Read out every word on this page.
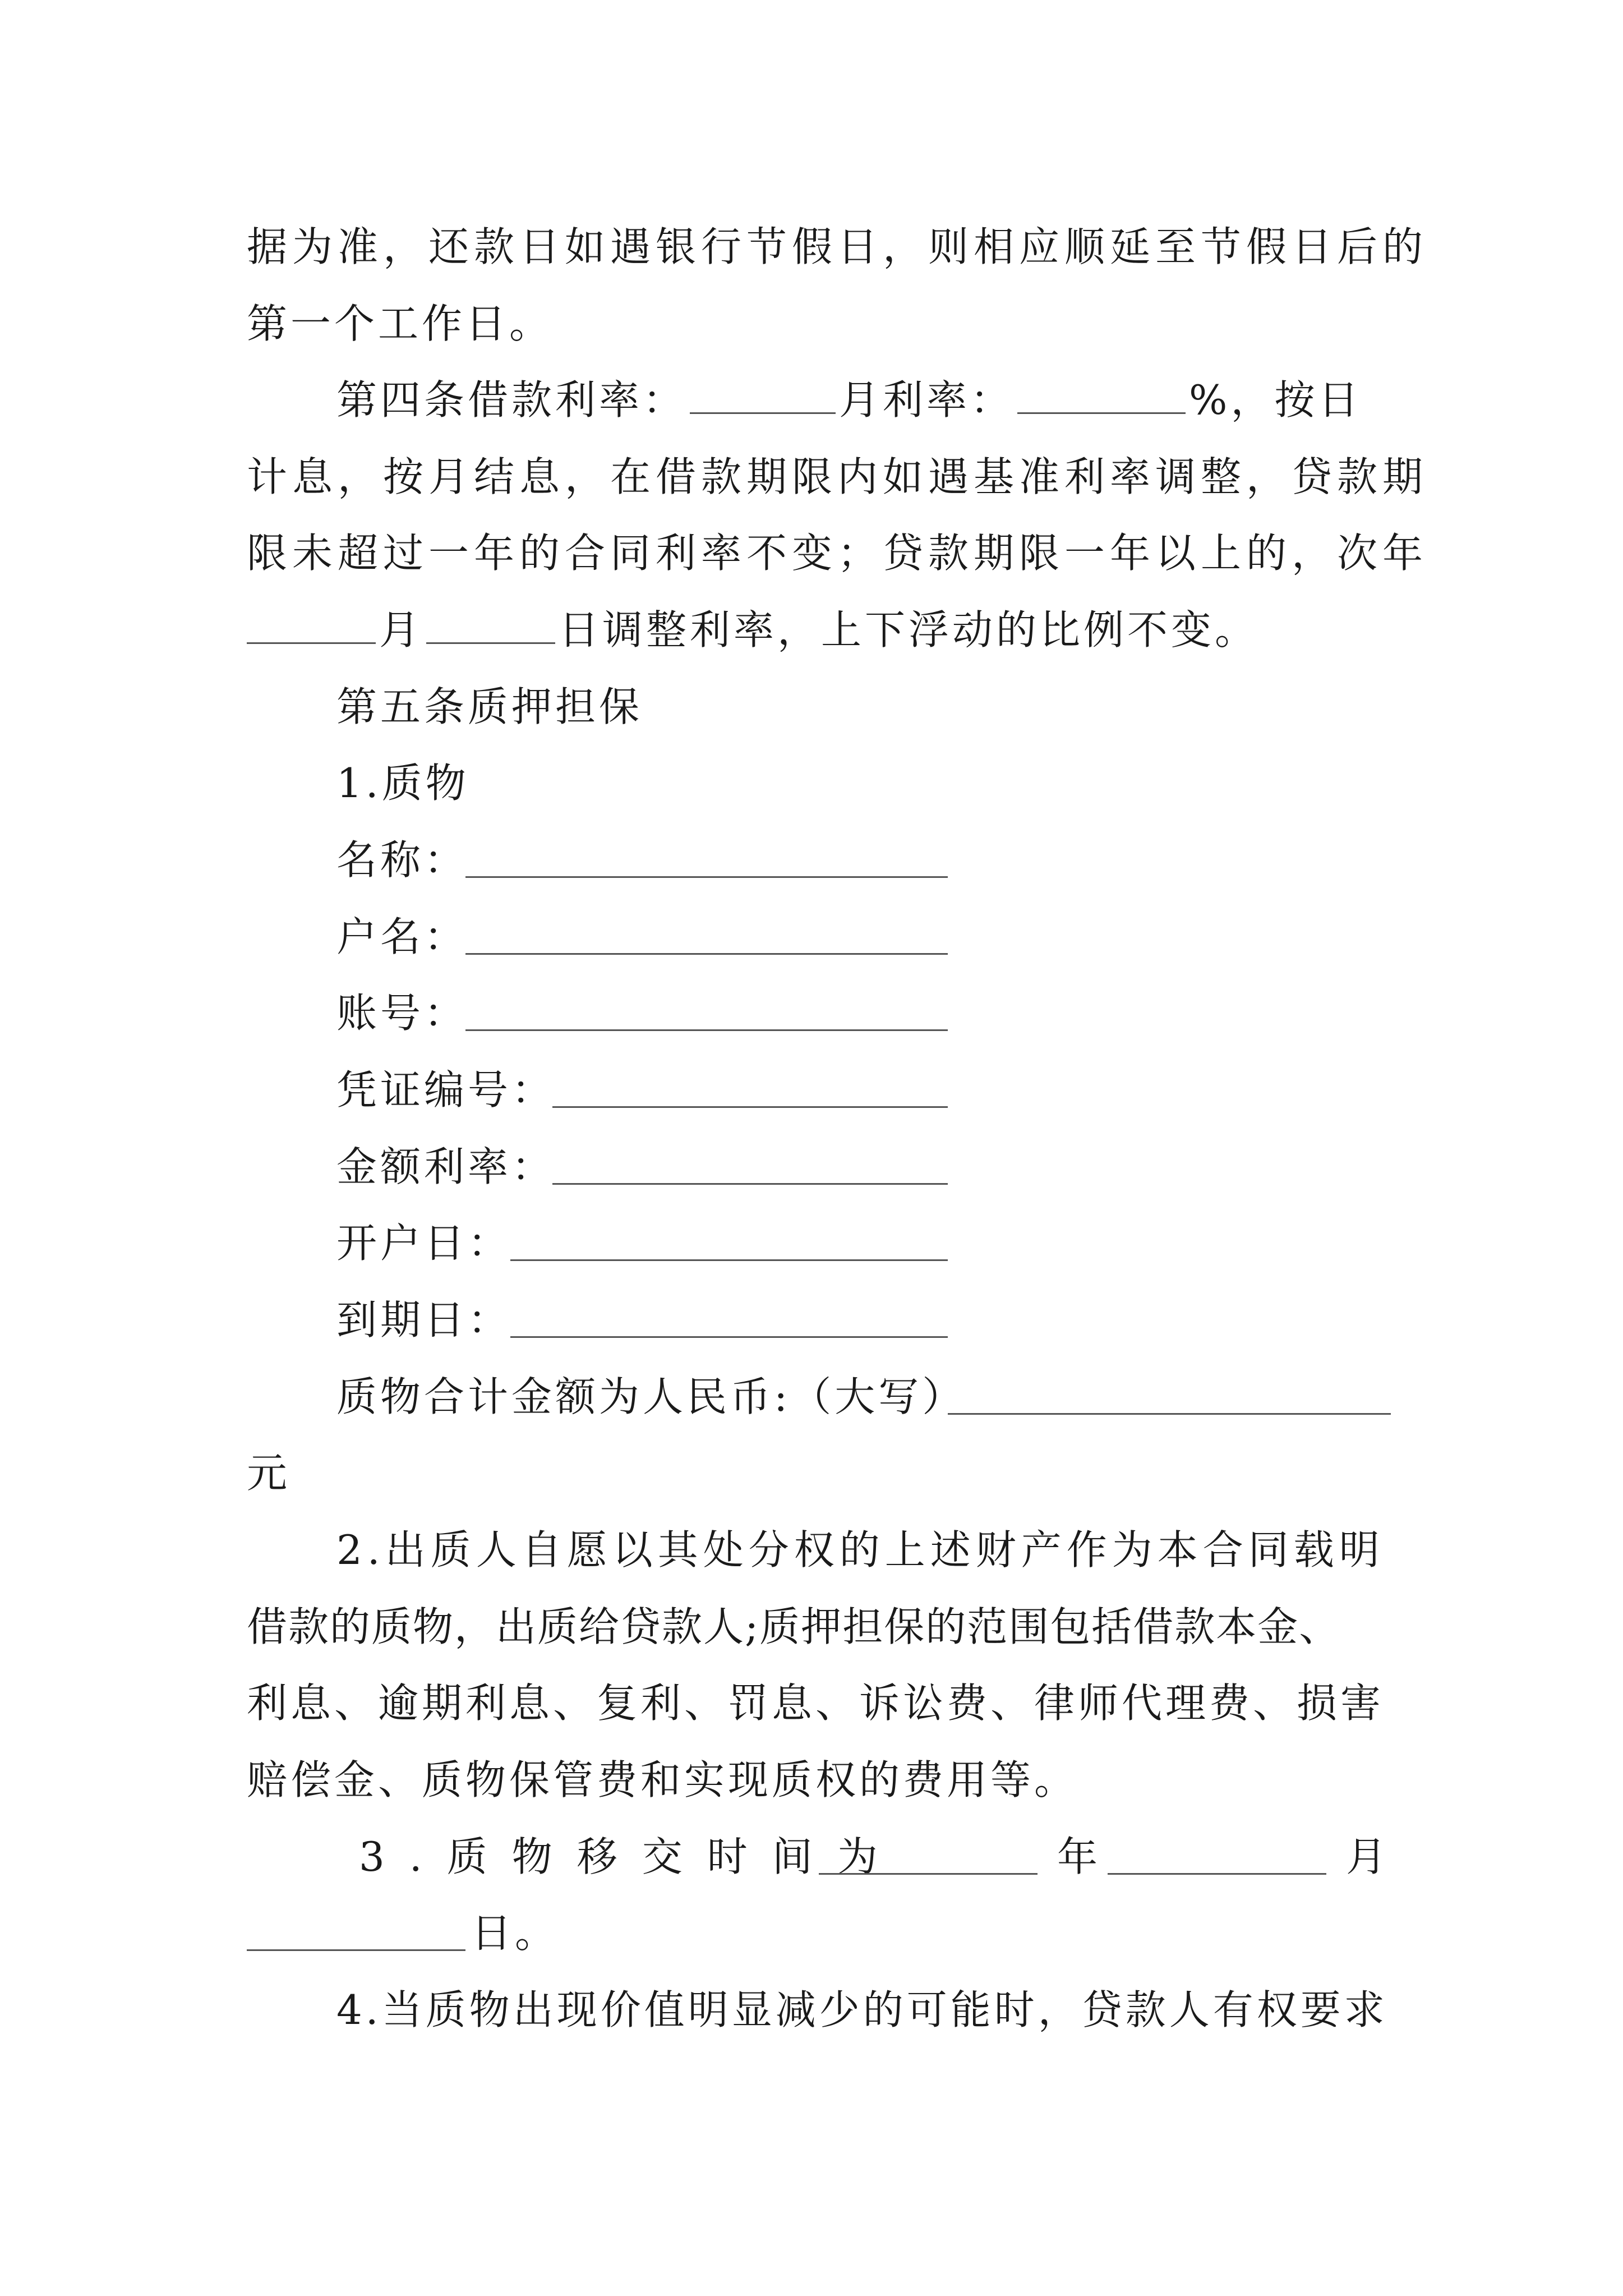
据为准，还款日如遇银行节假日，则相应顺延至节假日后的
第一个工作日。
第四条借款利率：	月利率：	%，按日
计息，按月结息，在借款期限内如遇基准利率调整，贷款期
限未超过一年的合同利率不变；贷款期限一年以上的，次年
月	日调整利率，上下浮动的比例不变。
第五条质押担保
1.质物
名称：
户名：
账号：
凭证编号：
金额利率：
开户日：
到期日：
质物合计金额为人民币:（大写）
元
2.出质人自愿以其处分权的上述财产作为本合同载明
借款的质物，出质给贷款人;质押担保的范围包括借款本金、
利息、逾期利息、复利、罚息、诉讼费、律师代理费、损害
赔偿金、质物保管费和实现质权的费用等。
3.质物移交时间为	年	月
日。
4.当质物出现价值明显减少的可能时，贷款人有权要求
